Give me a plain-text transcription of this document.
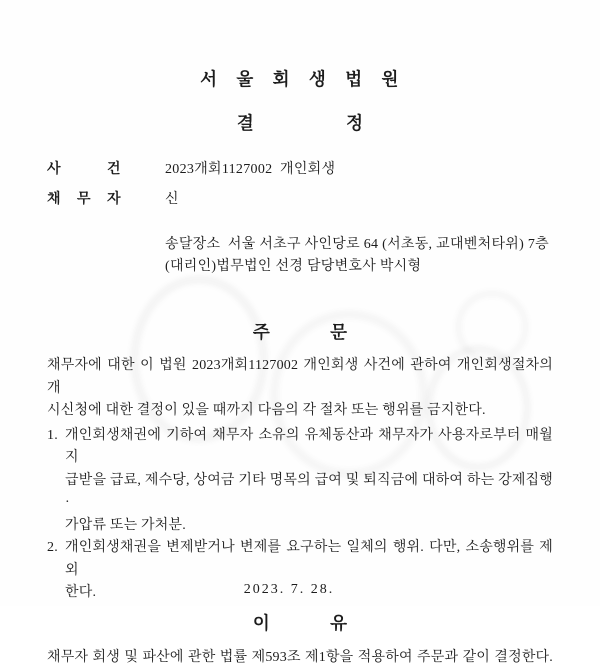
서 울 회 생 법 원
결 정
사 건	2023개회1127002  개인회생
채 무 자	신
송달장소  서울 서초구 사인당로 64 (서초동, 교대벤처타위) 7층
(대리인)법무법인 선경 담당변호사 박시형
주 문
채무자에 대한 이 법원 2023개회1127002 개인회생 사건에 관하여 개인회생절차의 개
시신청에 대한 결정이 있을 때까지 다음의 각 절차 또는 행위를 금지한다.
1. 개인회생채권에 기하여 채무자 소유의 유체동산과 채무자가 사용자로부터 매월 지
급받을 급료, 제수당, 상여금 기타 명목의 급여 및 퇴직금에 대하여 하는 강제집행·
가압류 또는 가처분.
2. 개인회생채권을 변제받거나 변제를 요구하는 일체의 행위. 다만, 소송행위를 제외
한다.
이 유
채무자 회생 및 파산에 관한 법률 제593조 제1항을 적용하여 주문과 같이 결정한다.
2023. 7. 28.
